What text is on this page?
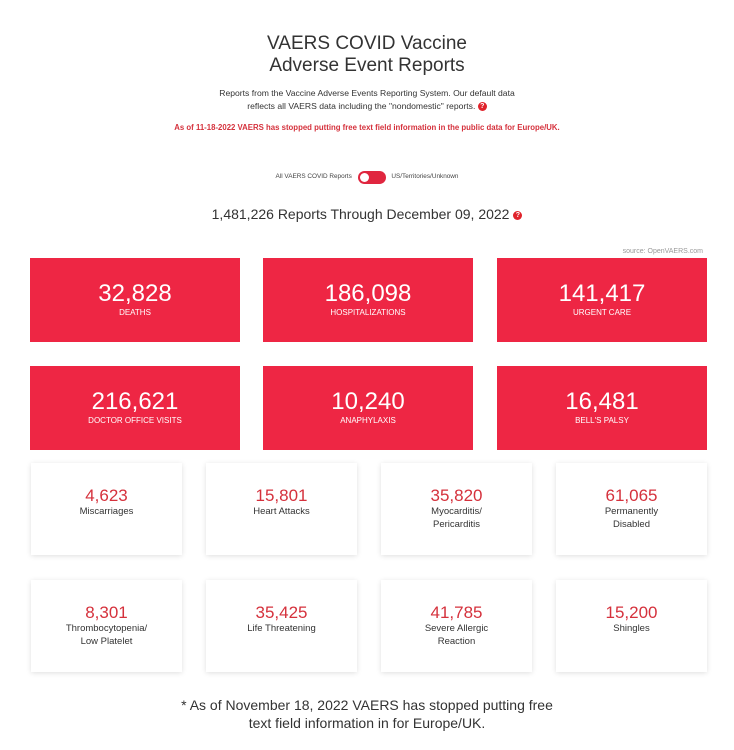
VAERS COVID Vaccine
Adverse Event Reports
Reports from the Vaccine Adverse Events Reporting System. Our default data
reflects all VAERS data including the "nondomestic" reports. ?
As of 11-18-2022 VAERS has stopped putting free text field information in the public data for Europe/UK.
All VAERS COVID Reports	US/Territories/Unknown
1,481,226 Reports Through December 09, 2022 ?
source: OpenVAERS.com
32,828
DEATHS
186,098
HOSPITALIZATIONS
141,417
URGENT CARE
216,621
DOCTOR OFFICE VISITS
10,240
ANAPHYLAXIS
16,481
BELL'S PALSY
4,623
Miscarriages
15,801
Heart Attacks
35,820
Myocarditis/
Pericarditis
61,065
Permanently
Disabled
8,301
Thrombocytopenia/
Low Platelet
35,425
Life Threatening
41,785
Severe Allergic
Reaction
15,200
Shingles
* As of November 18, 2022 VAERS has stopped putting free
text field information in for Europe/UK.
